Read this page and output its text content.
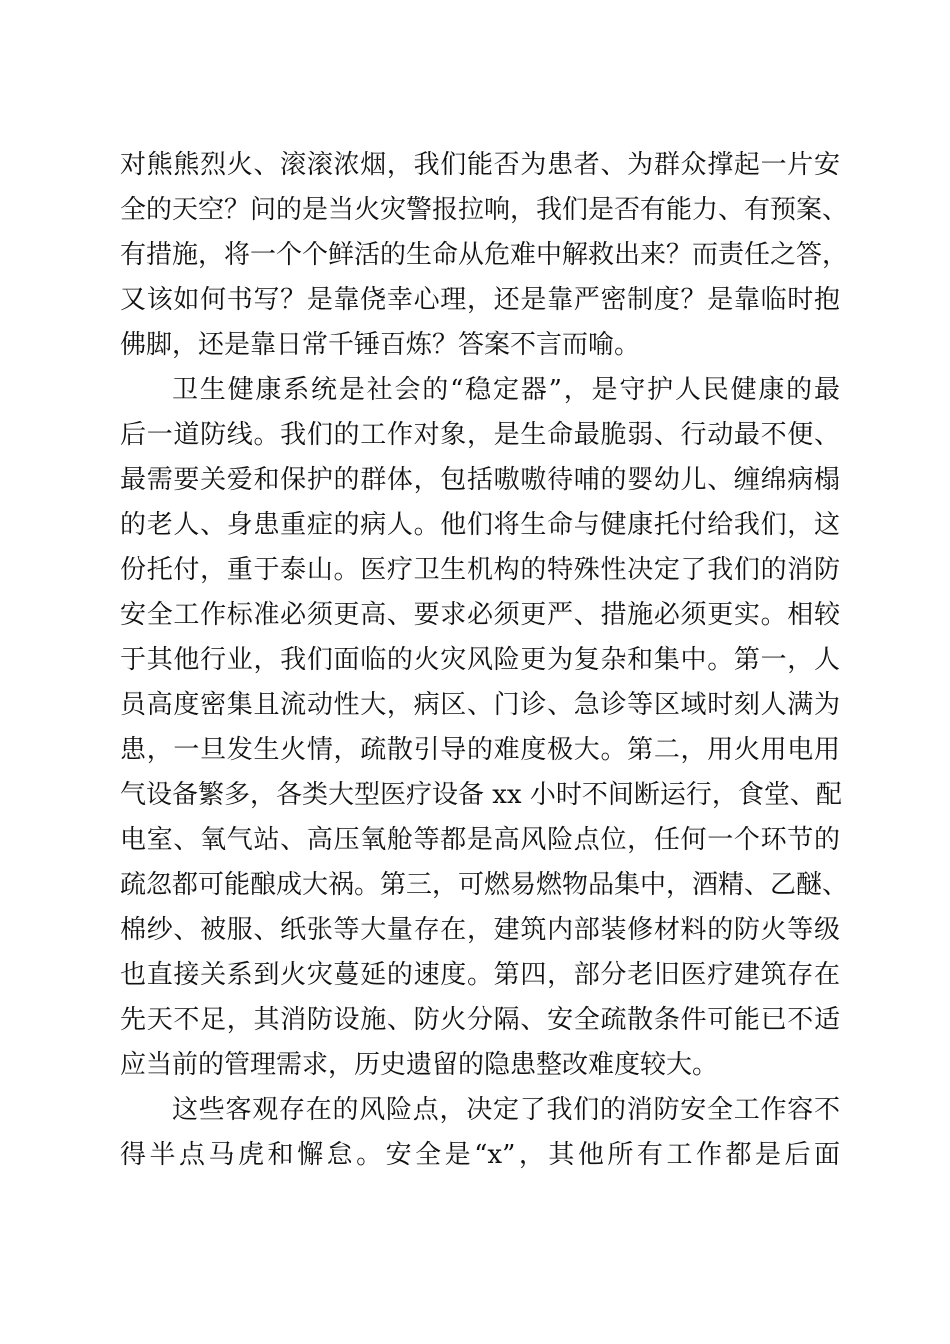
对熊熊烈火、滚滚浓烟，我们能否为患者、为群众撑起一片安
全的天空？问的是当火灾警报拉响，我们是否有能力、有预案、
有措施，将一个个鲜活的生命从危难中解救出来？而责任之答，
又该如何书写？是靠侥幸心理，还是靠严密制度？是靠临时抱
佛脚，还是靠日常千锤百炼？答案不言而喻。
卫生健康系统是社会的“稳定器”，是守护人民健康的最
后一道防线。我们的工作对象，是生命最脆弱、行动最不便、
最需要关爱和保护的群体，包括嗷嗷待哺的婴幼儿、缠绵病榻
的老人、身患重症的病人。他们将生命与健康托付给我们，这
份托付，重于泰山。医疗卫生机构的特殊性决定了我们的消防
安全工作标准必须更高、要求必须更严、措施必须更实。相较
于其他行业，我们面临的火灾风险更为复杂和集中。第一，人
员高度密集且流动性大，病区、门诊、急诊等区域时刻人满为
患，一旦发生火情，疏散引导的难度极大。第二，用火用电用
气设备繁多，各类大型医疗设备 xx 小时不间断运行，食堂、配
电室、氧气站、高压氧舱等都是高风险点位，任何一个环节的
疏忽都可能酿成大祸。第三，可燃易燃物品集中，酒精、乙醚、
棉纱、被服、纸张等大量存在，建筑内部装修材料的防火等级
也直接关系到火灾蔓延的速度。第四，部分老旧医疗建筑存在
先天不足，其消防设施、防火分隔、安全疏散条件可能已不适
应当前的管理需求，历史遗留的隐患整改难度较大。
这些客观存在的风险点，决定了我们的消防安全工作容不
得半点马虎和懈怠。安全是“x”，其他所有工作都是后面
